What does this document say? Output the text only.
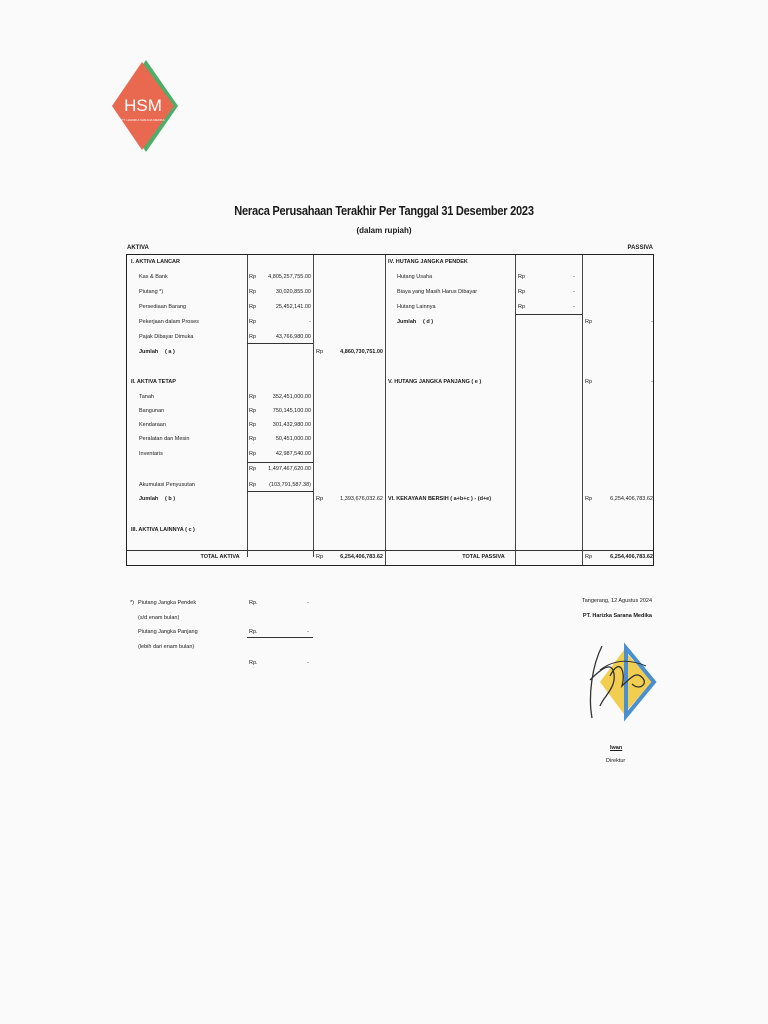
HSM
PT. HARIZKA SARANA MEDIKA
Neraca Perusahaan Terakhir Per Tanggal 31 Desember 2023
(dalam rupiah)
AKTIVA	PASSIVA
I. AKTIVA LANCAR
Kas & Bank	Rp	4,805,257,755.00
Piutang *)	Rp	30,020,855.00
Persediaan Barang	Rp	25,452,141.00
Pekerjaan dalam Proses	Rp	-
Pajak Dibayar Dimuka	Rp	43,766,980.00
Jumlah ( a )	Rp	4,860,730,751.00
II. AKTIVA TETAP
Tanah	Rp	352,451,000.00
Bangunan	Rp	750,145,100.00
Kendaraan	Rp	301,432,980.00
Peralatan dan Mesin	Rp	50,451,000.00
Inventaris	Rp	42,987,540.00
Rp	1,497,467,620.00
Akumulasi Penyusutan	Rp	(103,791,587.38)
Jumlah ( b )	Rp	1,393,676,032.62
III. AKTIVA LAINNYA ( c )
TOTAL AKTIVA	Rp	6,254,406,783.62
IV. HUTANG JANGKA PENDEK
Hutang Usaha	Rp	-
Biaya yang Masih Harus Dibayar	Rp	-
Hutang Lainnya	Rp	-
Jumlah ( d )	Rp	-
V. HUTANG JANGKA PANJANG ( e )	Rp	-
VI. KEKAYAAN BERSIH ( a+b+c ) - (d+e)	Rp	6,254,406,783.62
TOTAL PASSIVA	Rp	6,254,406,783.62
*) Piutang Jangka Pendek
(s/d enam bulan)
Rp.	-
Piutang Jangka Panjang
(lebih dari enam bulan)
Rp.	-
Rp.	-
Tangerang, 12 Agustus 2024
PT. Harizka Sarana Medika
Iwan
Direktur
